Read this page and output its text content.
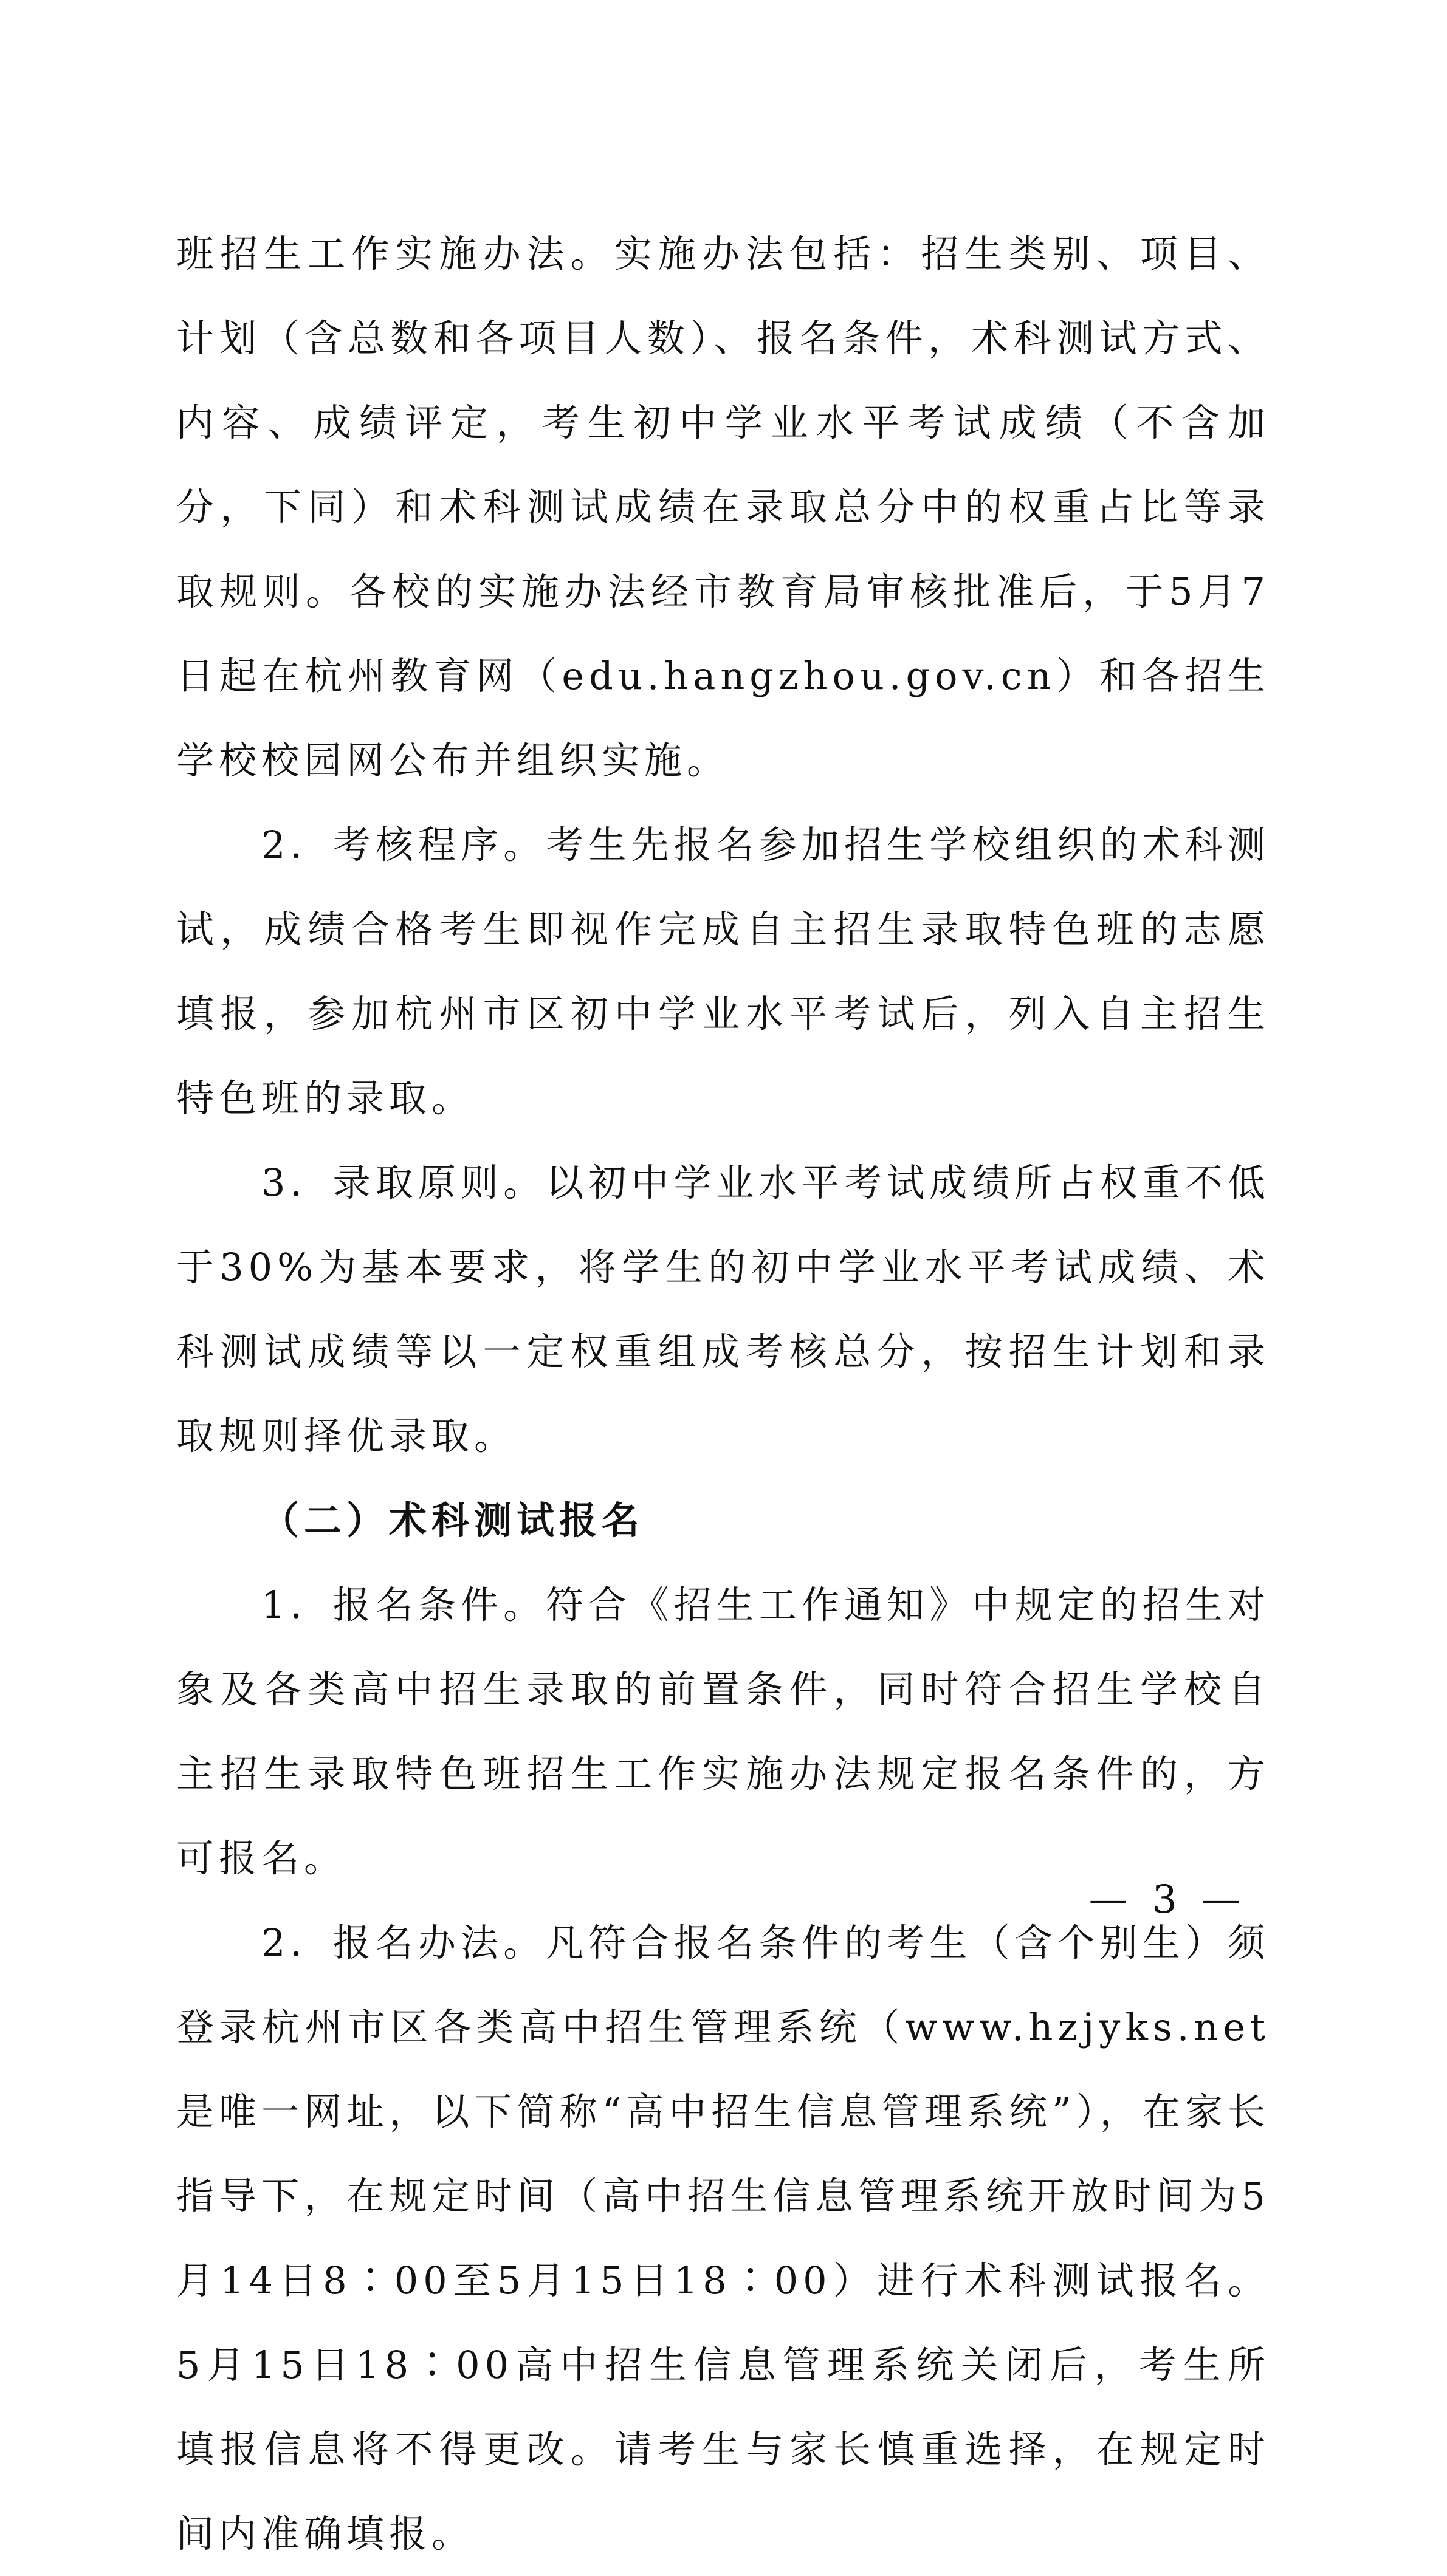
班招生工作实施办法。实施办法包括：招生类别、项目、计划（含总数和各项目人数）、报名条件，术科测试方式、内容、成绩评定，考生初中学业水平考试成绩（不含加分，下同）和术科测试成绩在录取总分中的权重占比等录取规则。各校的实施办法经市教育局审核批准后，于5月7日起在杭州教育网（edu.hangzhou.gov.cn）和各招生学校校园网公布并组织实施。

2．考核程序。考生先报名参加招生学校组织的术科测试，成绩合格考生即视作完成自主招生录取特色班的志愿填报，参加杭州市区初中学业水平考试后，列入自主招生特色班的录取。

3．录取原则。以初中学业水平考试成绩所占权重不低于30%为基本要求，将学生的初中学业水平考试成绩、术科测试成绩等以一定权重组成考核总分，按招生计划和录取规则择优录取。

（二）术科测试报名

1．报名条件。符合《招生工作通知》中规定的招生对象及各类高中招生录取的前置条件，同时符合招生学校自主招生录取特色班招生工作实施办法规定报名条件的，方可报名。

2．报名办法。凡符合报名条件的考生（含个别生）须登录杭州市区各类高中招生管理系统（www.hzjyks.net是唯一网址，以下简称“高中招生信息管理系统”），在家长指导下，在规定时间（高中招生信息管理系统开放时间为5月14日8∶00至5月15日18∶00）进行术科测试报名。5月15日18∶00高中招生信息管理系统关闭后，考生所填报信息将不得更改。请考生与家长慎重选择，在规定时间内准确填报。

— 3 —
